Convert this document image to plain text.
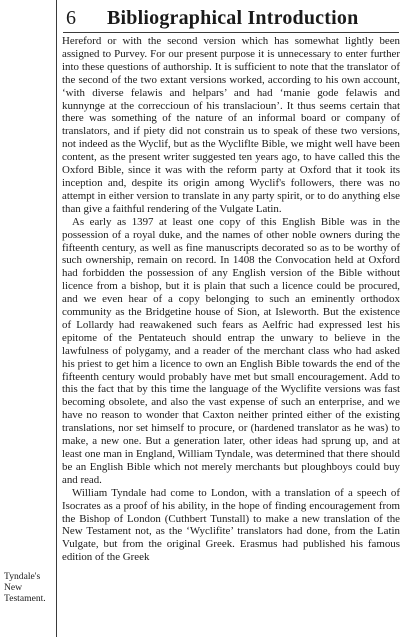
6 Bibliographical Introduction
Tyndale's
New
Testament.

Hereford or with the second version which has somewhat lightly been assigned to Purvey. For our present purpose it is unnecessary to enter further into these questions of authorship. It is sufficient to note that the translator of the second of the two extant versions worked, according to his own account, ‘with diverse felawis and helpars’ and had ‘manie gode felawis and kunnynge at the correccioun of his translacioun’. It thus seems certain that there was something of the nature of an informal board or company of translators, and if piety did not constrain us to speak of these two versions, not indeed as the Wyclif, but as the Wycliflte Bible, we might well have been content, as the present writer suggested ten years ago, to have called this the Oxford Bible, since it was with the reform party at Oxford that it took its inception and, despite its origin among Wyclif's followers, there was no attempt in either version to translate in any party spirit, or to do anything else than give a faithful rendering of the Vulgate Latin.

As early as 1397 at least one copy of this English Bible was in the possession of a royal duke, and the names of other noble owners during the fifteenth century, as well as fine manuscripts decorated so as to be worthy of such ownership, remain on record. In 1408 the Convocation held at Oxford had forbidden the possession of any English version of the Bible without licence from a bishop, but it is plain that such a licence could be procured, and we even hear of a copy belonging to such an eminently orthodox community as the Bridgetine house of Sion, at Isleworth. But the existence of Lollardy had reawakened such fears as Aelfric had expressed lest his epitome of the Pentateuch should entrap the unwary to believe in the lawfulness of polygamy, and a reader of the merchant class who had asked his priest to get him a licence to own an English Bible towards the end of the fifteenth century would probably have met but small encouragement. Add to this the fact that by this time the language of the Wyclifite versions was fast becoming obsolete, and also the vast expense of such an enterprise, and we have no reason to wonder that Caxton neither printed either of the existing translations, nor set himself to procure, or (hardened translator as he was) to make, a new one. But a generation later, other ideas had sprung up, and at least one man in England, William Tyndale, was determined that there should be an English Bible which not merely merchants but ploughboys could buy and read.

William Tyndale had come to London, with a translation of a speech of Isocrates as a proof of his ability, in the hope of finding encouragement from the Bishop of London (Cuthbert Tunstall) to make a new translation of the New Testament not, as the ‘Wyclifite’ translators had done, from the Latin Vulgate, but from the original Greek. Erasmus had published his famous edition of the Greek
